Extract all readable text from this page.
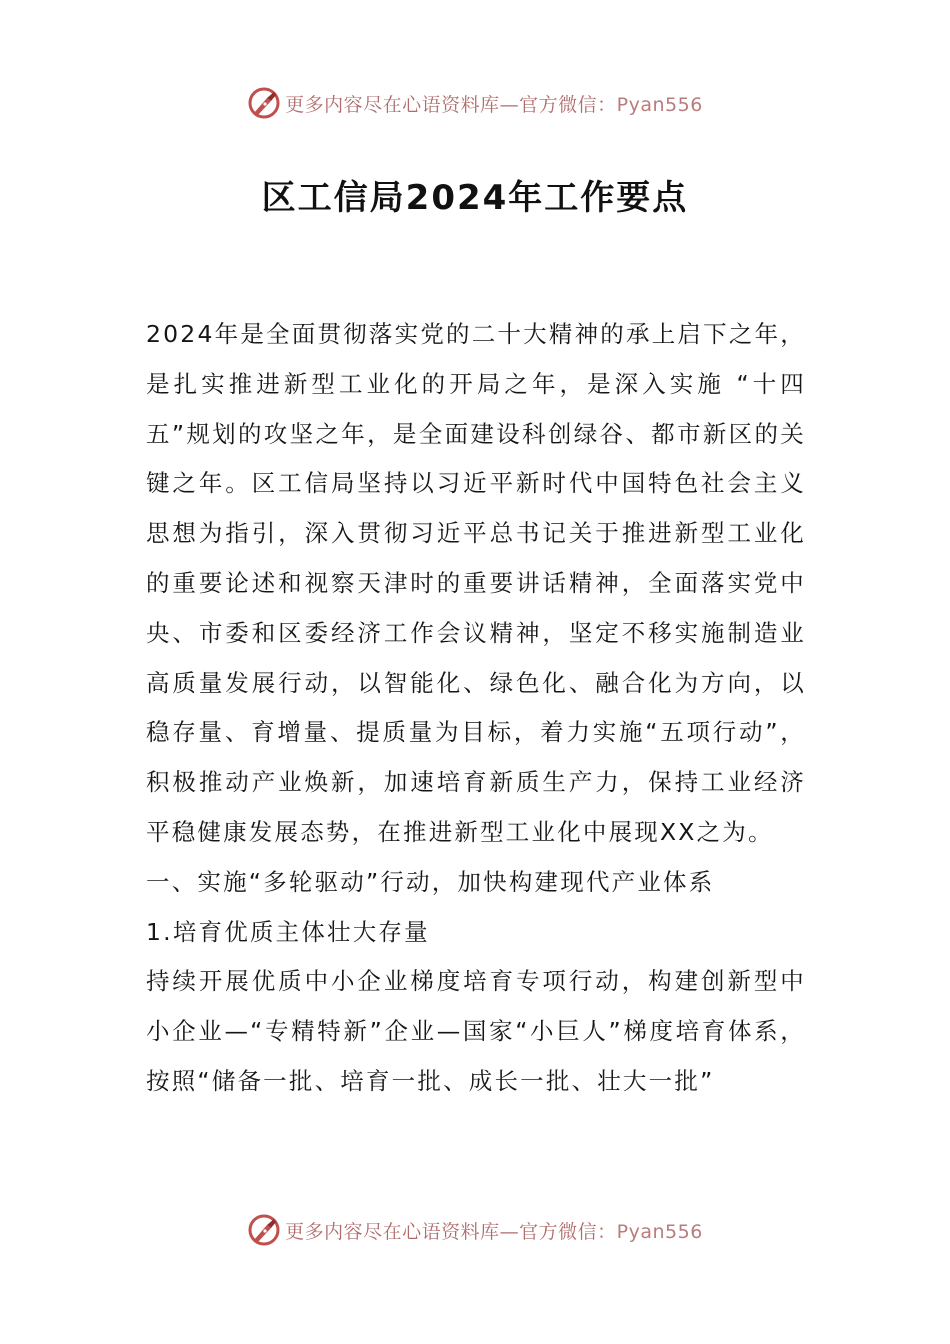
更多内容尽在心语资料库—官方微信：Pyan556
区工信局2024年工作要点

2024年是全面贯彻落实党的二十大精神的承上启下之年，是扎实推进新型工业化的开局之年，是深入实施 “十四五”规划的攻坚之年，是全面建设科创绿谷、都市新区的关键之年。区工信局坚持以习近平新时代中国特色社会主义思想为指引，深入贯彻习近平总书记关于推进新型工业化的重要论述和视察天津时的重要讲话精神，全面落实党中央、市委和区委经济工作会议精神，坚定不移实施制造业高质量发展行动，以智能化、绿色化、融合化为方向，以稳存量、育增量、提质量为目标，着力实施“五项行动”，积极推动产业焕新，加速培育新质生产力，保持工业经济平稳健康发展态势，在推进新型工业化中展现XX之为。

一、实施“多轮驱动”行动，加快构建现代产业体系

1.培育优质主体壮大存量

持续开展优质中小企业梯度培育专项行动，构建创新型中小企业—“专精特新”企业—国家“小巨人”梯度培育体系，按照“储备一批、培育一批、成长一批、壮大一批”

更多内容尽在心语资料库—官方微信：Pyan556
